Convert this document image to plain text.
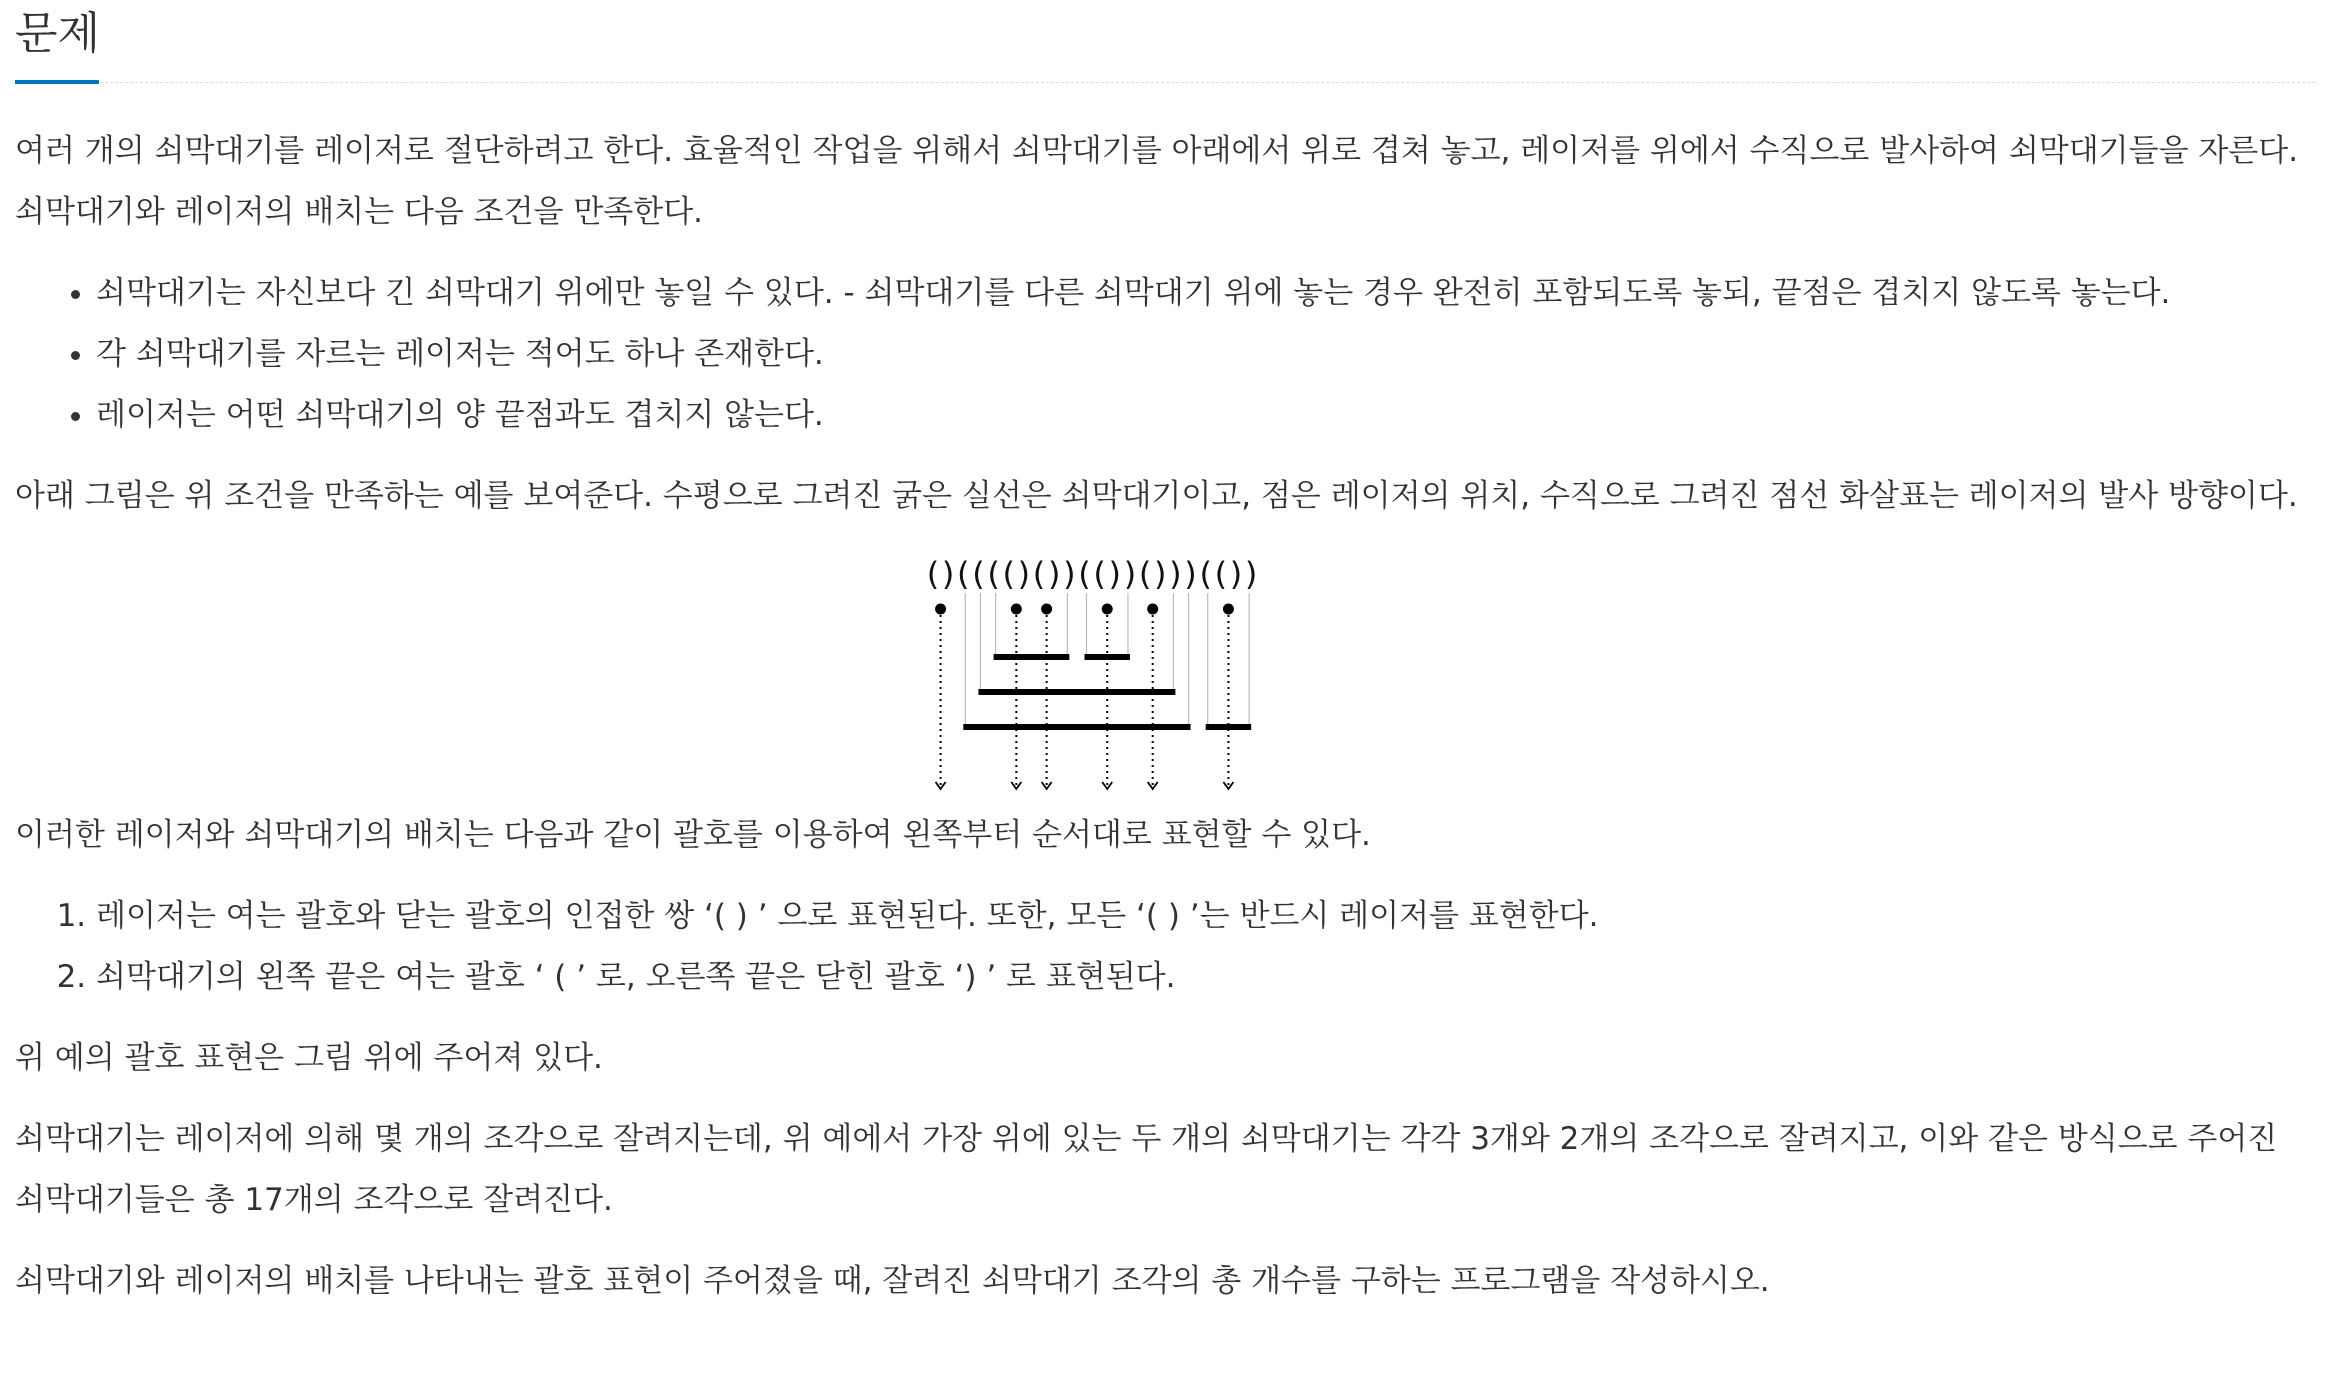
문제

여러 개의 쇠막대기를 레이저로 절단하려고 한다. 효율적인 작업을 위해서 쇠막대기를 아래에서 위로 겹쳐 놓고, 레이저를 위에서 수직으로 발사하여 쇠막대기들을 자른다. 쇠막대기와 레이저의 배치는 다음 조건을 만족한다.

• 쇠막대기는 자신보다 긴 쇠막대기 위에만 놓일 수 있다. - 쇠막대기를 다른 쇠막대기 위에 놓는 경우 완전히 포함되도록 놓되, 끝점은 겹치지 않도록 놓는다.
• 각 쇠막대기를 자르는 레이저는 적어도 하나 존재한다.
• 레이저는 어떤 쇠막대기의 양 끝점과도 겹치지 않는다.

아래 그림은 위 조건을 만족하는 예를 보여준다. 수평으로 그려진 굵은 실선은 쇠막대기이고, 점은 레이저의 위치, 수직으로 그려진 점선 화살표는 레이저의 발사 방향이다.

( ) ( ( ( ( ) ( ) ) ( ( ) ) ( ) ) ) ( ( ) )

이러한 레이저와 쇠막대기의 배치는 다음과 같이 괄호를 이용하여 왼쪽부터 순서대로 표현할 수 있다.

1. 레이저는 여는 괄호와 닫는 괄호의 인접한 쌍 ‘( ) ’ 으로 표현된다. 또한, 모든 ‘( ) ’는 반드시 레이저를 표현한다.
2. 쇠막대기의 왼쪽 끝은 여는 괄호 ‘ ( ’ 로, 오른쪽 끝은 닫힌 괄호 ‘) ’ 로 표현된다.

위 예의 괄호 표현은 그림 위에 주어져 있다.

쇠막대기는 레이저에 의해 몇 개의 조각으로 잘려지는데, 위 예에서 가장 위에 있는 두 개의 쇠막대기는 각각 3개와 2개의 조각으로 잘려지고, 이와 같은 방식으로 주어진 쇠막대기들은 총 17개의 조각으로 잘려진다.

쇠막대기와 레이저의 배치를 나타내는 괄호 표현이 주어졌을 때, 잘려진 쇠막대기 조각의 총 개수를 구하는 프로그램을 작성하시오.
